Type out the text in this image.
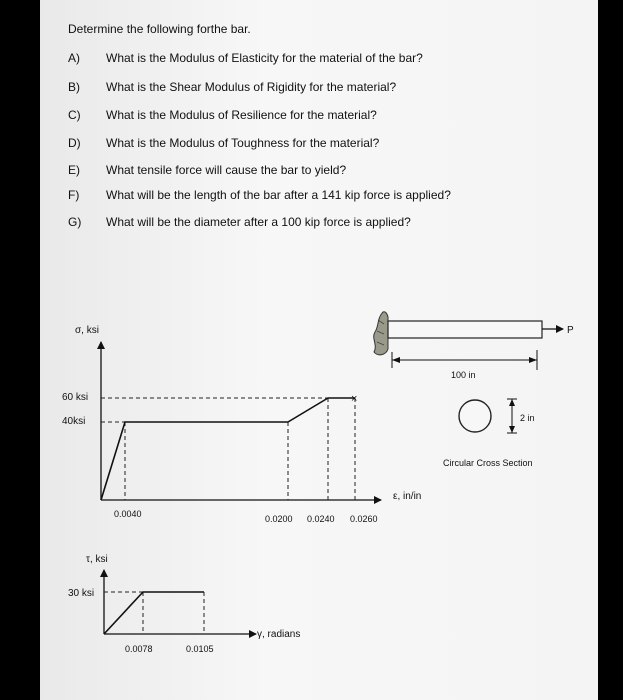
Determine the following forthe bar.
A) What is the Modulus of Elasticity for the material of the bar?
B) What is the Shear Modulus of Rigidity for the material?
C) What is the Modulus of Resilience for the material?
D) What is the Modulus of Toughness for the material?
E) What tensile force will cause the bar to yield?
F) What will be the length of the bar after a 141 kip force is applied?
G) What will be the diameter after a 100 kip force is applied?
σ, ksi
ε, in/in
60 ksi
40ksi
×
0.0040	0.0200 0.0240 0.0260
P
100 in
2 in
Circular Cross Section
τ, ksi
γ, radians
30 ksi
0.0078	0.0105
